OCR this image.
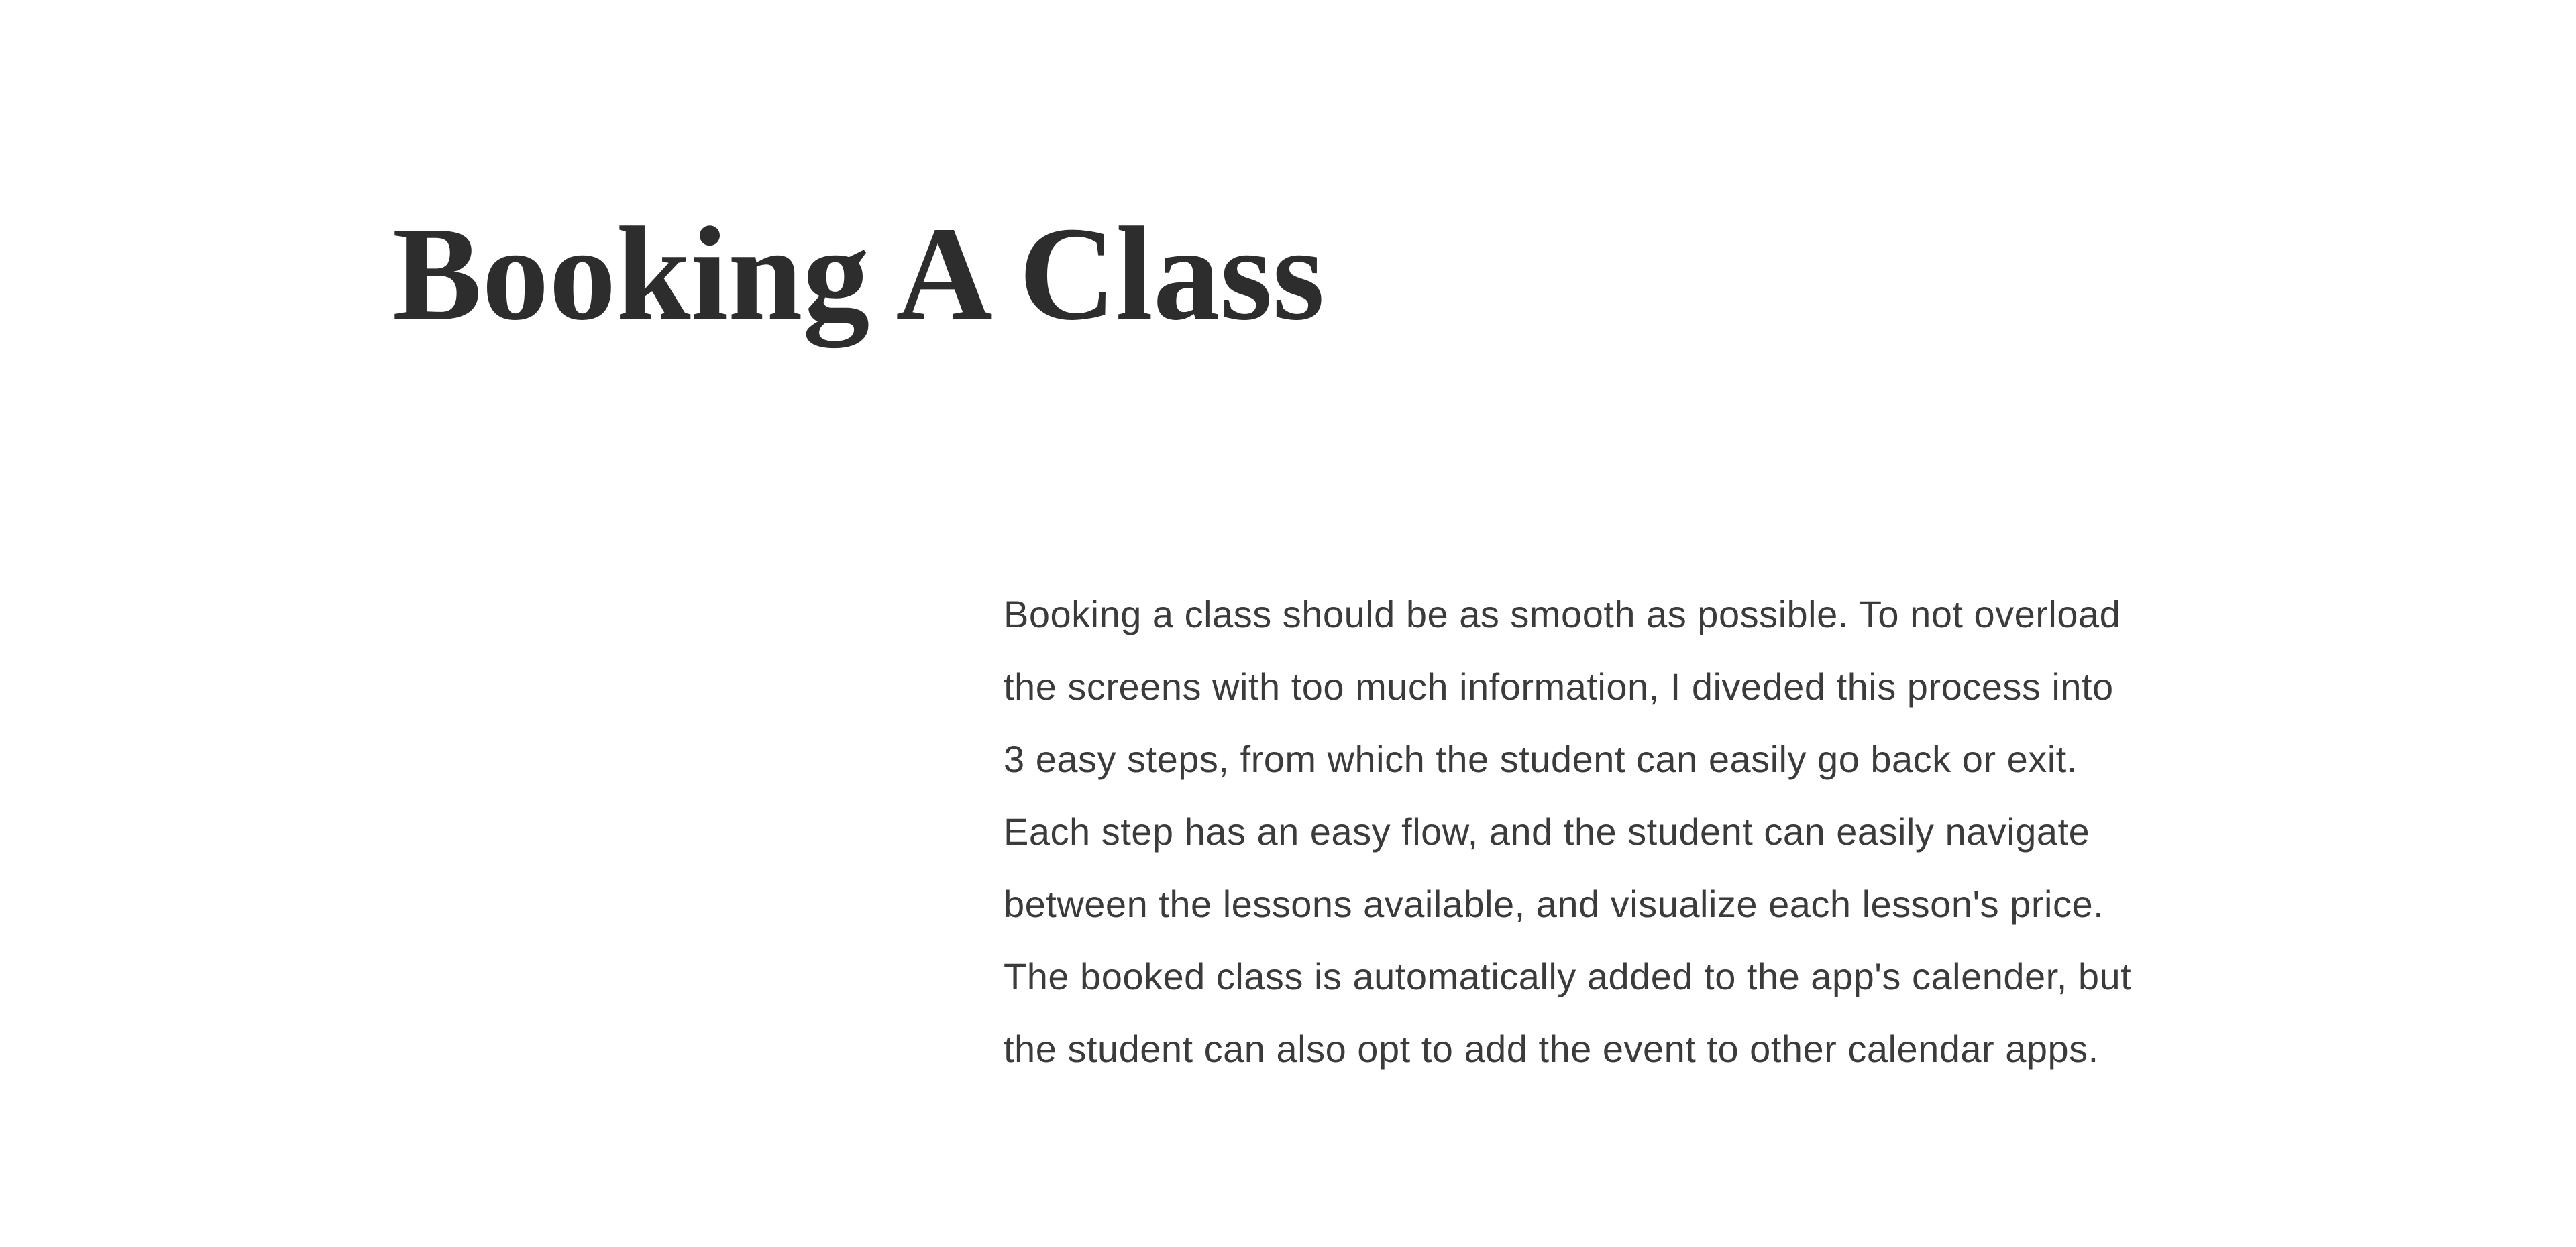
Booking A Class
Booking a class should be as smooth as possible. To not overload
the screens with too much information, I diveded this process into
3 easy steps, from which the student can easily go back or exit.
Each step has an easy flow, and the student can easily navigate
between the lessons available, and visualize each lesson's price.
The booked class is automatically added to the app's calender, but
the student can also opt to add the event to other calendar apps.
